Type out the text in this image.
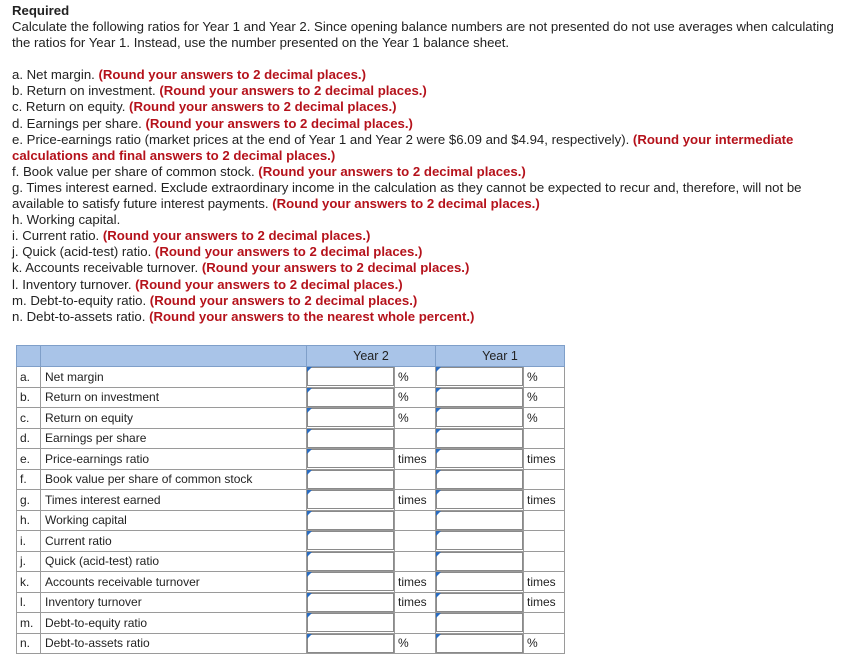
Required

Calculate the following ratios for Year 1 and Year 2. Since opening balance numbers are not presented do not use averages when calculating the ratios for Year 1. Instead, use the number presented on the Year 1 balance sheet.

a. Net margin. (Round your answers to 2 decimal places.)

b. Return on investment. (Round your answers to 2 decimal places.)

c. Return on equity. (Round your answers to 2 decimal places.)

d. Earnings per share. (Round your answers to 2 decimal places.)

e. Price-earnings ratio (market prices at the end of Year 1 and Year 2 were $6.09 and $4.94, respectively). (Round your intermediate calculations and final answers to 2 decimal places.)

f. Book value per share of common stock. (Round your answers to 2 decimal places.)

g. Times interest earned. Exclude extraordinary income in the calculation as they cannot be expected to recur and, therefore, will not be available to satisfy future interest payments. (Round your answers to 2 decimal places.)

h. Working capital.

i. Current ratio. (Round your answers to 2 decimal places.)

j. Quick (acid-test) ratio. (Round your answers to 2 decimal places.)

k. Accounts receivable turnover. (Round your answers to 2 decimal places.)

l. Inventory turnover. (Round your answers to 2 decimal places.)

m. Debt-to-equity ratio. (Round your answers to 2 decimal places.)

n. Debt-to-assets ratio. (Round your answers to the nearest whole percent.)

		Year 2		Year 1	
a.	Net margin		%		%
b.	Return on investment		%		%
c.	Return on equity		%		%
d.	Earnings per share	

e.	Price-earnings ratio		times		times
f.	Book value per share of common stock	

g.	Times interest earned		times		times
h.	Working capital	

i.	Current ratio	

j.	Quick (acid-test) ratio	

k.	Accounts receivable turnover		times		times
l.	Inventory turnover		times		times
m.	Debt-to-equity ratio	

n.	Debt-to-assets ratio		%		%
